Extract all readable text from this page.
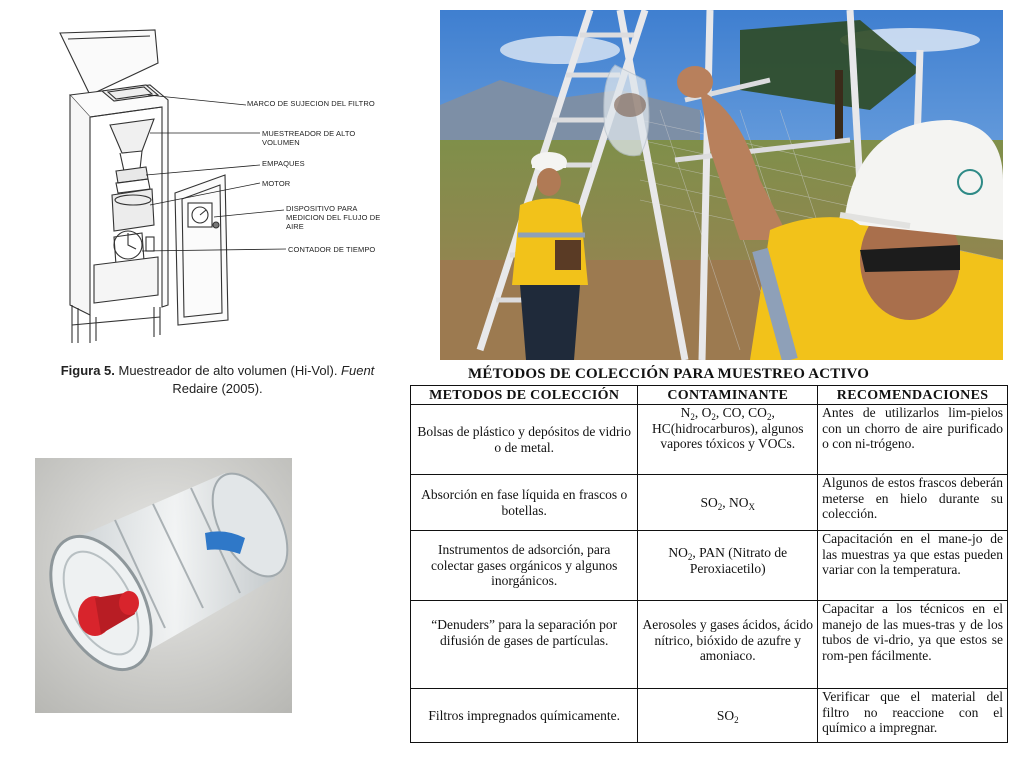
MARCO DE SUJECION DEL FILTRO
MUESTREADOR DE ALTO VOLUMEN
EMPAQUES
MOTOR
DISPOSITIVO PARA MEDICION DEL FLUJO DE AIRE
CONTADOR DE TIEMPO
Figura 5. Muestreador de alto volumen (Hi-Vol). Fuent
Redaire (2005).
MÉTODOS DE COLECCIÓN PARA MUESTREO ACTIVO
METODOS DE COLECCIÓN	CONTAMINANTE	RECOMENDACIONES
Bolsas de plástico y depósitos de vidrio o de metal.	$N_2$, $O_2$, CO, $CO_2$, HC(hidrocarburos), algunos vapores tóxicos y VOCs.	Antes de utilizarlos lim-pielos con un chorro de aire purificado o con ni-trógeno.
Absorción en fase líquida en frascos o botellas.	$SO_2$, $NO_X$	Algunos de estos frascos deberán meterse en hielo durante su colección.
Instrumentos de adsorción, para colectar gases orgánicos y algunos inorgánicos.	$NO_2$, PAN (Nitrato de Peroxiacetilo)	Capacitación en el mane-jo de las muestras ya que estas pueden variar con la temperatura.
“Denuders” para la separación por difusión de gases de partículas.	Aerosoles y gases ácidos, ácido nítrico, bióxido de azufre y amoniaco.	Capacitar a los técnicos en el manejo de las mues-tras y de los tubos de vi-drio, ya que estos se rom-pen fácilmente.
Filtros impregnados químicamente.	$SO_2$	Verificar que el material del filtro no reaccione con el químico a impregnar.
